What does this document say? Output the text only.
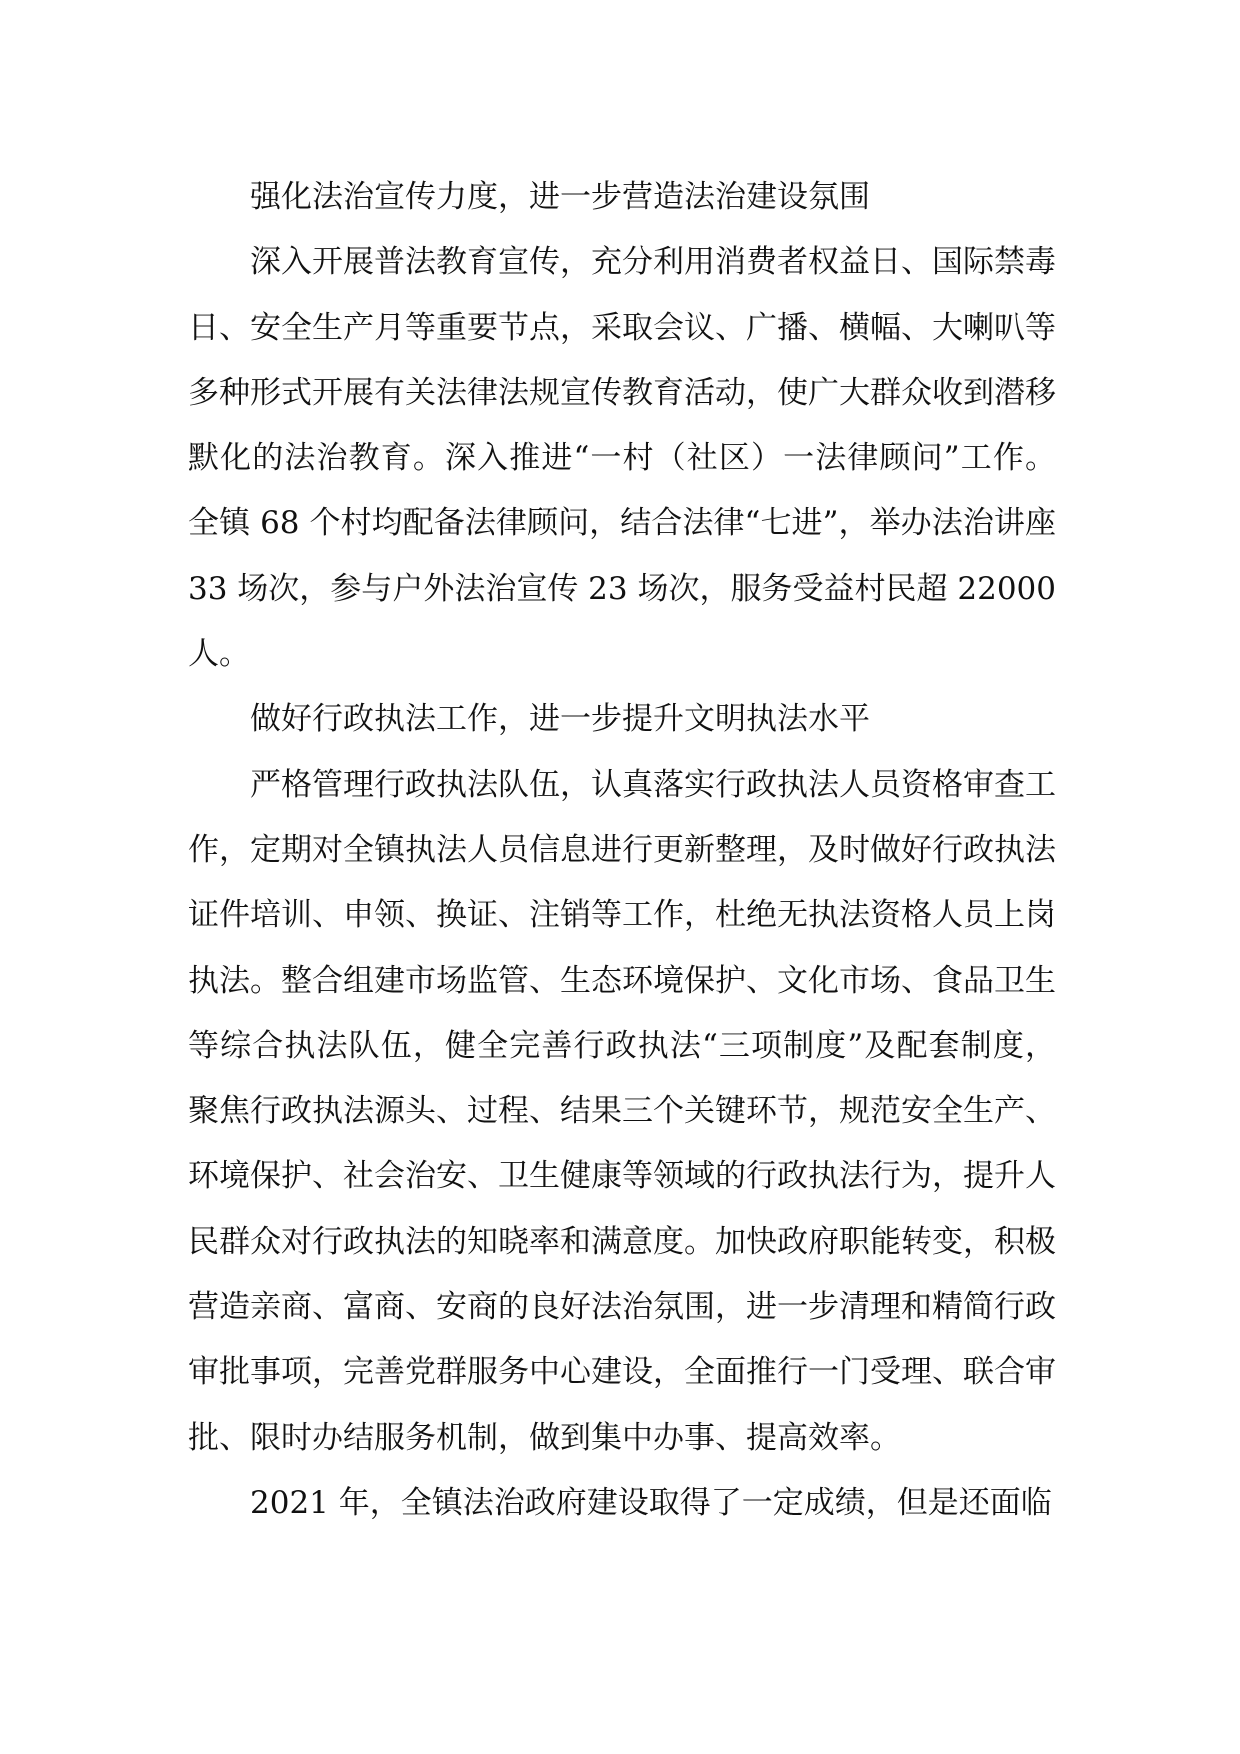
强化法治宣传力度，进一步营造法治建设氛围

深入开展普法教育宣传，充分利用消费者权益日、国际禁毒日、安全生产月等重要节点，采取会议、广播、横幅、大喇叭等多种形式开展有关法律法规宣传教育活动，使广大群众收到潜移默化的法治教育。深入推进“一村（社区）一法律顾问”工作。全镇 68 个村均配备法律顾问，结合法律“七进”，举办法治讲座 33 场次，参与户外法治宣传 23 场次，服务受益村民超 22000 人。

做好行政执法工作，进一步提升文明执法水平

严格管理行政执法队伍，认真落实行政执法人员资格审查工作，定期对全镇执法人员信息进行更新整理，及时做好行政执法证件培训、申领、换证、注销等工作，杜绝无执法资格人员上岗执法。整合组建市场监管、生态环境保护、文化市场、食品卫生等综合执法队伍，健全完善行政执法“三项制度”及配套制度，聚焦行政执法源头、过程、结果三个关键环节，规范安全生产、环境保护、社会治安、卫生健康等领域的行政执法行为，提升人民群众对行政执法的知晓率和满意度。加快政府职能转变，积极营造亲商、富商、安商的良好法治氛围，进一步清理和精简行政审批事项，完善党群服务中心建设，全面推行一门受理、联合审批、限时办结服务机制，做到集中办事、提高效率。

2021 年，全镇法治政府建设取得了一定成绩，但是还面临
